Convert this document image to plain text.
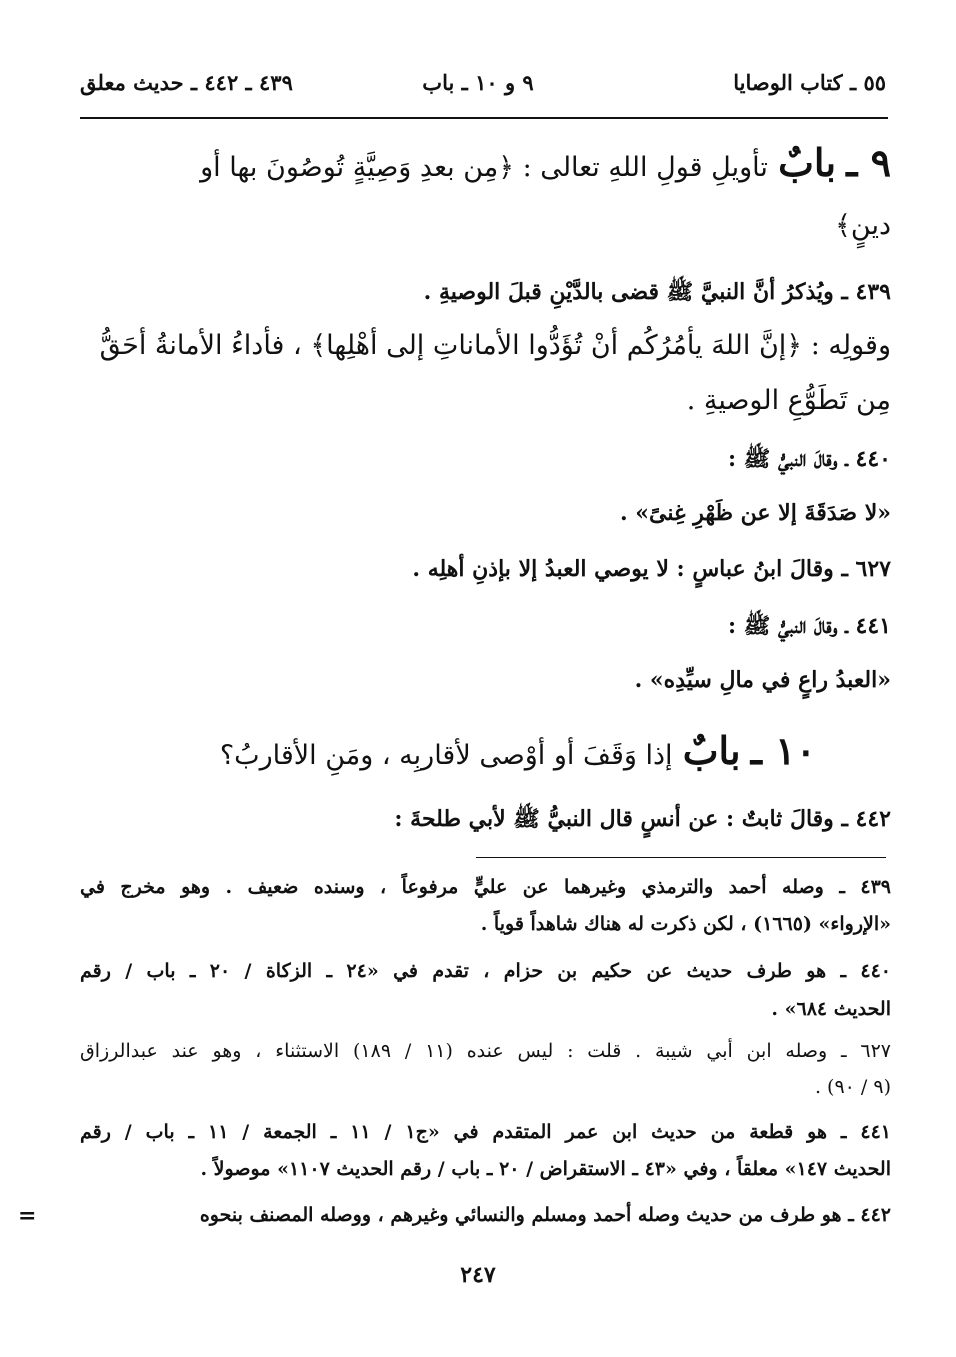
٥٥ ـ كتاب الوصايا
٩ و ١٠ ـ باب
٤٣٩ ـ ٤٤٢ ـ حديث معلق
٩ ـ بابٌ تأويلِ قولِ اللهِ تعالى : ﴿مِن بعدِ وَصِيَّةٍ تُوصُونَ بها أو
دينٍ﴾
٤٣٩ ـ ويُذكرُ أنَّ النبيَّ ﷺ قضى بالدَّيْنِ قبلَ الوصيةِ .
وقولِه : ﴿إنَّ اللهَ يأمُرُكُم أنْ تُؤَدُّوا الأماناتِ إلى أهْلِها﴾ ، فأداءُ الأمانةُ أحَقُّ
مِن تَطَوُّعِ الوصيةِ .
٤٤٠ ـ وقالَ النبيُّ ﷺ :
«لا صَدَقَةَ إلا عن ظَهْرِ غِنىً» .
٦٢٧ ـ وقالَ ابنُ عباسٍ : لا يوصي العبدُ إلا بإذنِ أهلِه .
٤٤١ ـ وقالَ النبيُّ ﷺ :
«العبدُ راعٍ في مالِ سيِّدِه» .
١٠ ـ بابٌ إذا وَقَفَ أو أوْصى لأقاربِه ، ومَنِ الأقاربُ؟
٤٤٢ ـ وقالَ ثابتٌ : عن أنسٍ قال النبيُّ ﷺ لأبي طلحةَ :
٤٣٩ ـ وصله أحمد والترمذي وغيرهما عن عليٍّ مرفوعاً ، وسنده ضعيف . وهو مخرج في
«الإرواء» (١٦٦٥) ، لكن ذكرت له هناك شاهداً قوياً .
٤٤٠ ـ هو طرف حديث عن حكيم بن حزام ، تقدم في «٢٤ ـ الزكاة / ٢٠ ـ باب / رقم
الحديث ٦٨٤» .
٦٢٧ ـ وصله ابن أبي شيبة . قلت : ليس عنده (١١ / ١٨٩) الاستثناء ، وهو عند عبدالرزاق
(٩ / ٩٠) .
٤٤١ ـ هو قطعة من حديث ابن عمر المتقدم في «ج١ / ١١ ـ الجمعة / ١١ ـ باب / رقم
الحديث ١٤٧» معلقاً ، وفي «٤٣ ـ الاستقراض / ٢٠ ـ باب / رقم الحديث ١١٠٧» موصولاً .
٤٤٢ ـ هو طرف من حديث وصله أحمد ومسلم والنسائي وغيرهم ، ووصله المصنف بنحوه
=
٢٤٧
